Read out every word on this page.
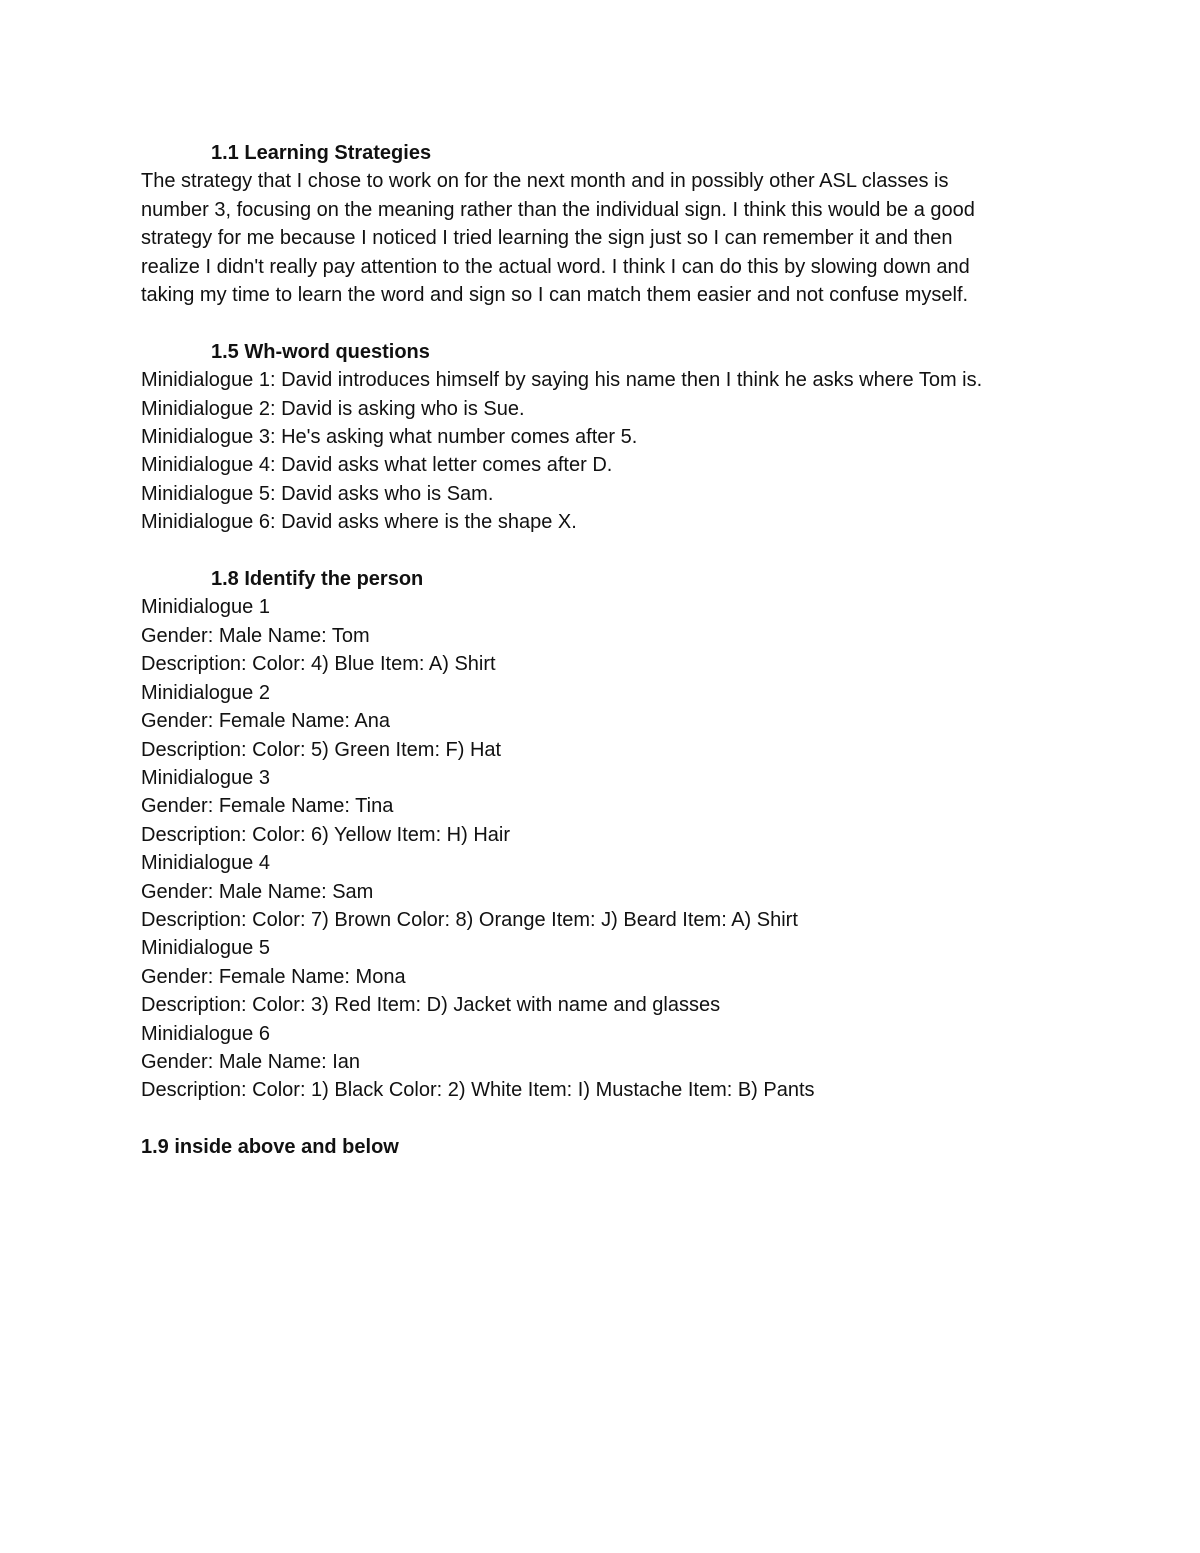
1.1 Learning Strategies
The strategy that I chose to work on for the next month and in possibly other ASL classes is
number 3, focusing on the meaning rather than the individual sign. I think this would be a good
strategy for me because I noticed I tried learning the sign just so I can remember it and then
realize I didn't really pay attention to the actual word. I think I can do this by slowing down and
taking my time to learn the word and sign so I can match them easier and not confuse myself.
1.5 Wh-word questions
Minidialogue 1: David introduces himself by saying his name then I think he asks where Tom is.
Minidialogue 2: David is asking who is Sue.
Minidialogue 3: He's asking what number comes after 5.
Minidialogue 4: David asks what letter comes after D.
Minidialogue 5: David asks who is Sam.
Minidialogue 6: David asks where is the shape X.
1.8 Identify the person
Minidialogue 1
Gender: Male Name: Tom
Description: Color: 4) Blue Item: A) Shirt
Minidialogue 2
Gender: Female Name: Ana
Description: Color: 5) Green Item: F) Hat
Minidialogue 3
Gender: Female Name: Tina
Description: Color: 6) Yellow Item: H) Hair
Minidialogue 4
Gender: Male Name: Sam
Description: Color: 7) Brown Color: 8) Orange Item: J) Beard Item: A) Shirt
Minidialogue 5
Gender: Female Name: Mona
Description: Color: 3) Red Item: D) Jacket with name and glasses
Minidialogue 6
Gender: Male Name: Ian
Description: Color: 1) Black Color: 2) White Item: I) Mustache Item: B) Pants
1.9 inside above and below
